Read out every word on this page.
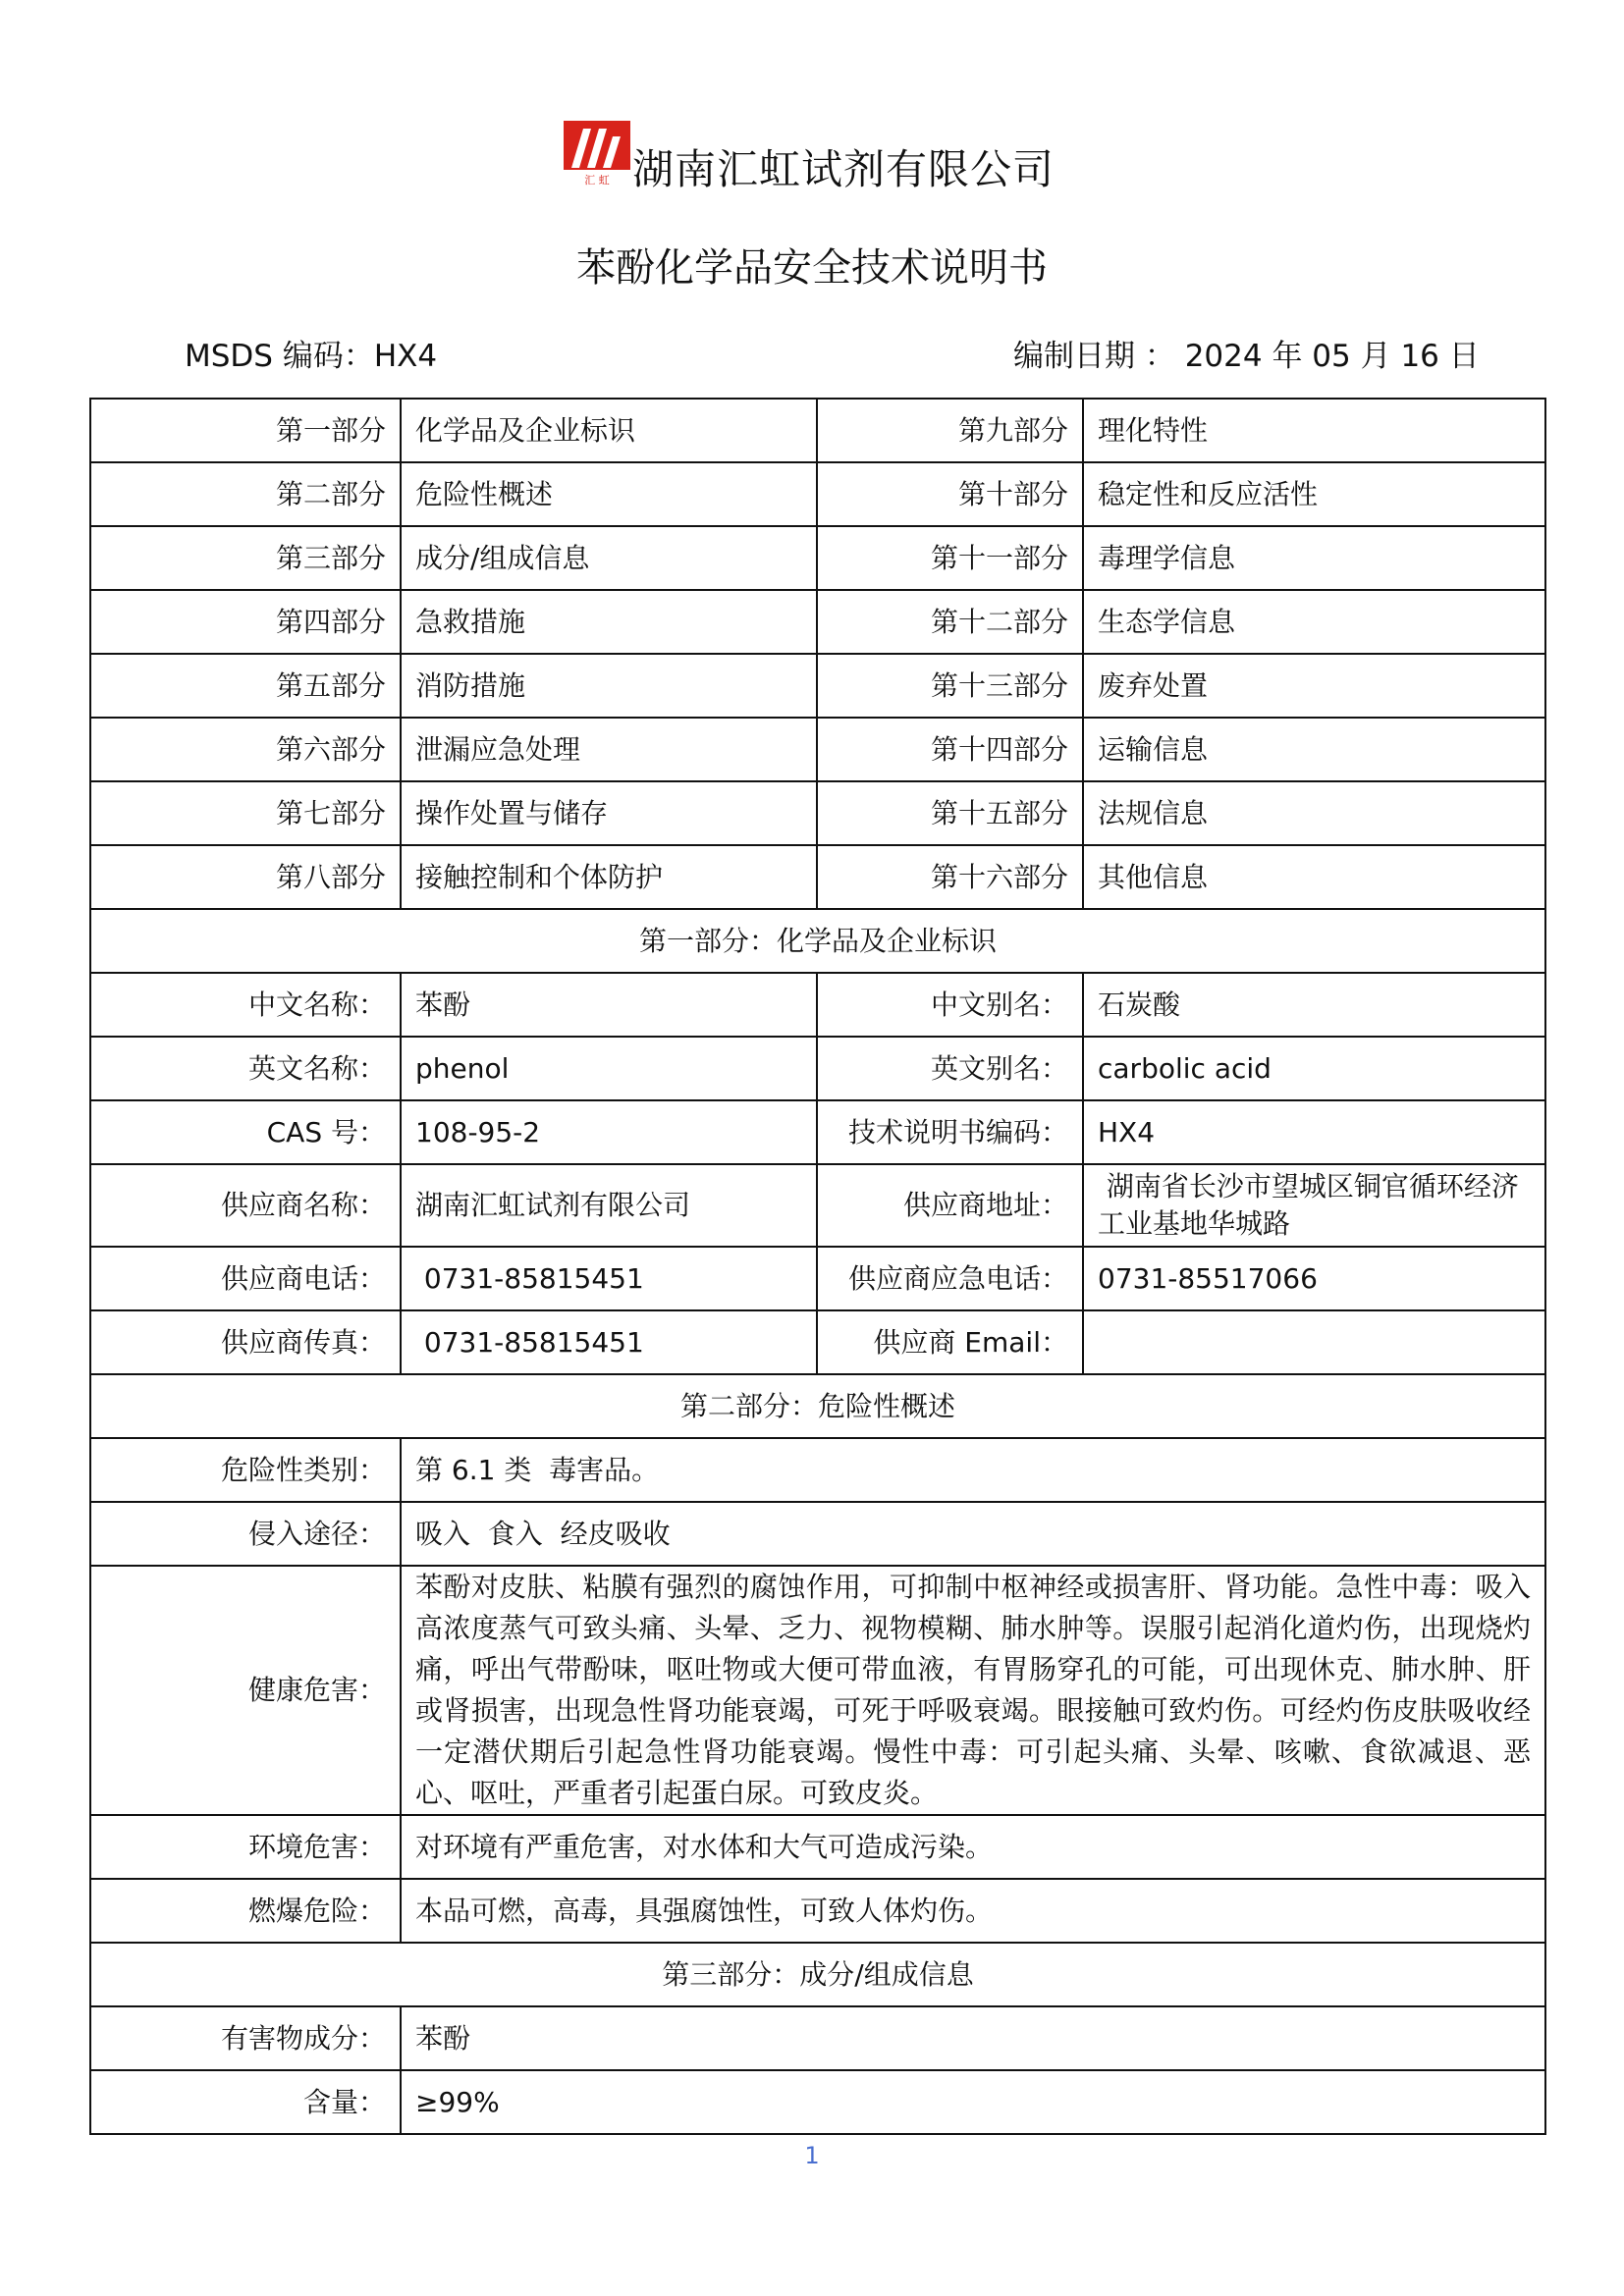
汇 虹 湖南汇虹试剂有限公司
苯酚化学品安全技术说明书
MSDS 编码：HX4	编制日期 ： 2024 年 05 月 16 日
第一部分	化学品及企业标识	第九部分	理化特性
第二部分	危险性概述	第十部分	稳定性和反应活性
第三部分	成分/组成信息	第十一部分	毒理学信息
第四部分	急救措施	第十二部分	生态学信息
第五部分	消防措施	第十三部分	废弃处置
第六部分	泄漏应急处理	第十四部分	运输信息
第七部分	操作处置与储存	第十五部分	法规信息
第八部分	接触控制和个体防护	第十六部分	其他信息
第一部分：化学品及企业标识			
中文名称：	苯酚	中文别名：	石炭酸
英文名称：	phenol	英文别名：	carbolic acid
CAS 号：	108-95-2	技术说明书编码：	HX4
供应商名称：	湖南汇虹试剂有限公司	供应商地址：	湖南省长沙市望城区铜官循环经济工业基地华城路
供应商电话：	0731-85815451	供应商应急电话：	0731-85517066
供应商传真：	0731-85815451	供应商 Email：	
第二部分：危险性概述			
危险性类别：	第 6.1 类  毒害品。		
侵入途径：	吸入  食入  经皮吸收		
健康危害：	苯酚对皮肤、粘膜有强烈的腐蚀作用，可抑制中枢神经或损害肝、肾功能。急性中毒：吸入高浓度蒸气可致头痛、头晕、乏力、视物模糊、肺水肿等。误服引起消化道灼伤，出现烧灼痛，呼出气带酚味，呕吐物或大便可带血液，有胃肠穿孔的可能，可出现休克、肺水肿、肝或肾损害，出现急性肾功能衰竭，可死于呼吸衰竭。眼接触可致灼伤。可经灼伤皮肤吸收经一定潜伏期后引起急性肾功能衰竭。慢性中毒：可引起头痛、头晕、咳嗽、食欲减退、恶心、呕吐，严重者引起蛋白尿。可致皮炎。		
环境危害：	对环境有严重危害，对水体和大气可造成污染。		
燃爆危险：	本品可燃，高毒，具强腐蚀性，可致人体灼伤。		
第三部分：成分/组成信息			
有害物成分：	苯酚		
含量：	≥99%		
1
